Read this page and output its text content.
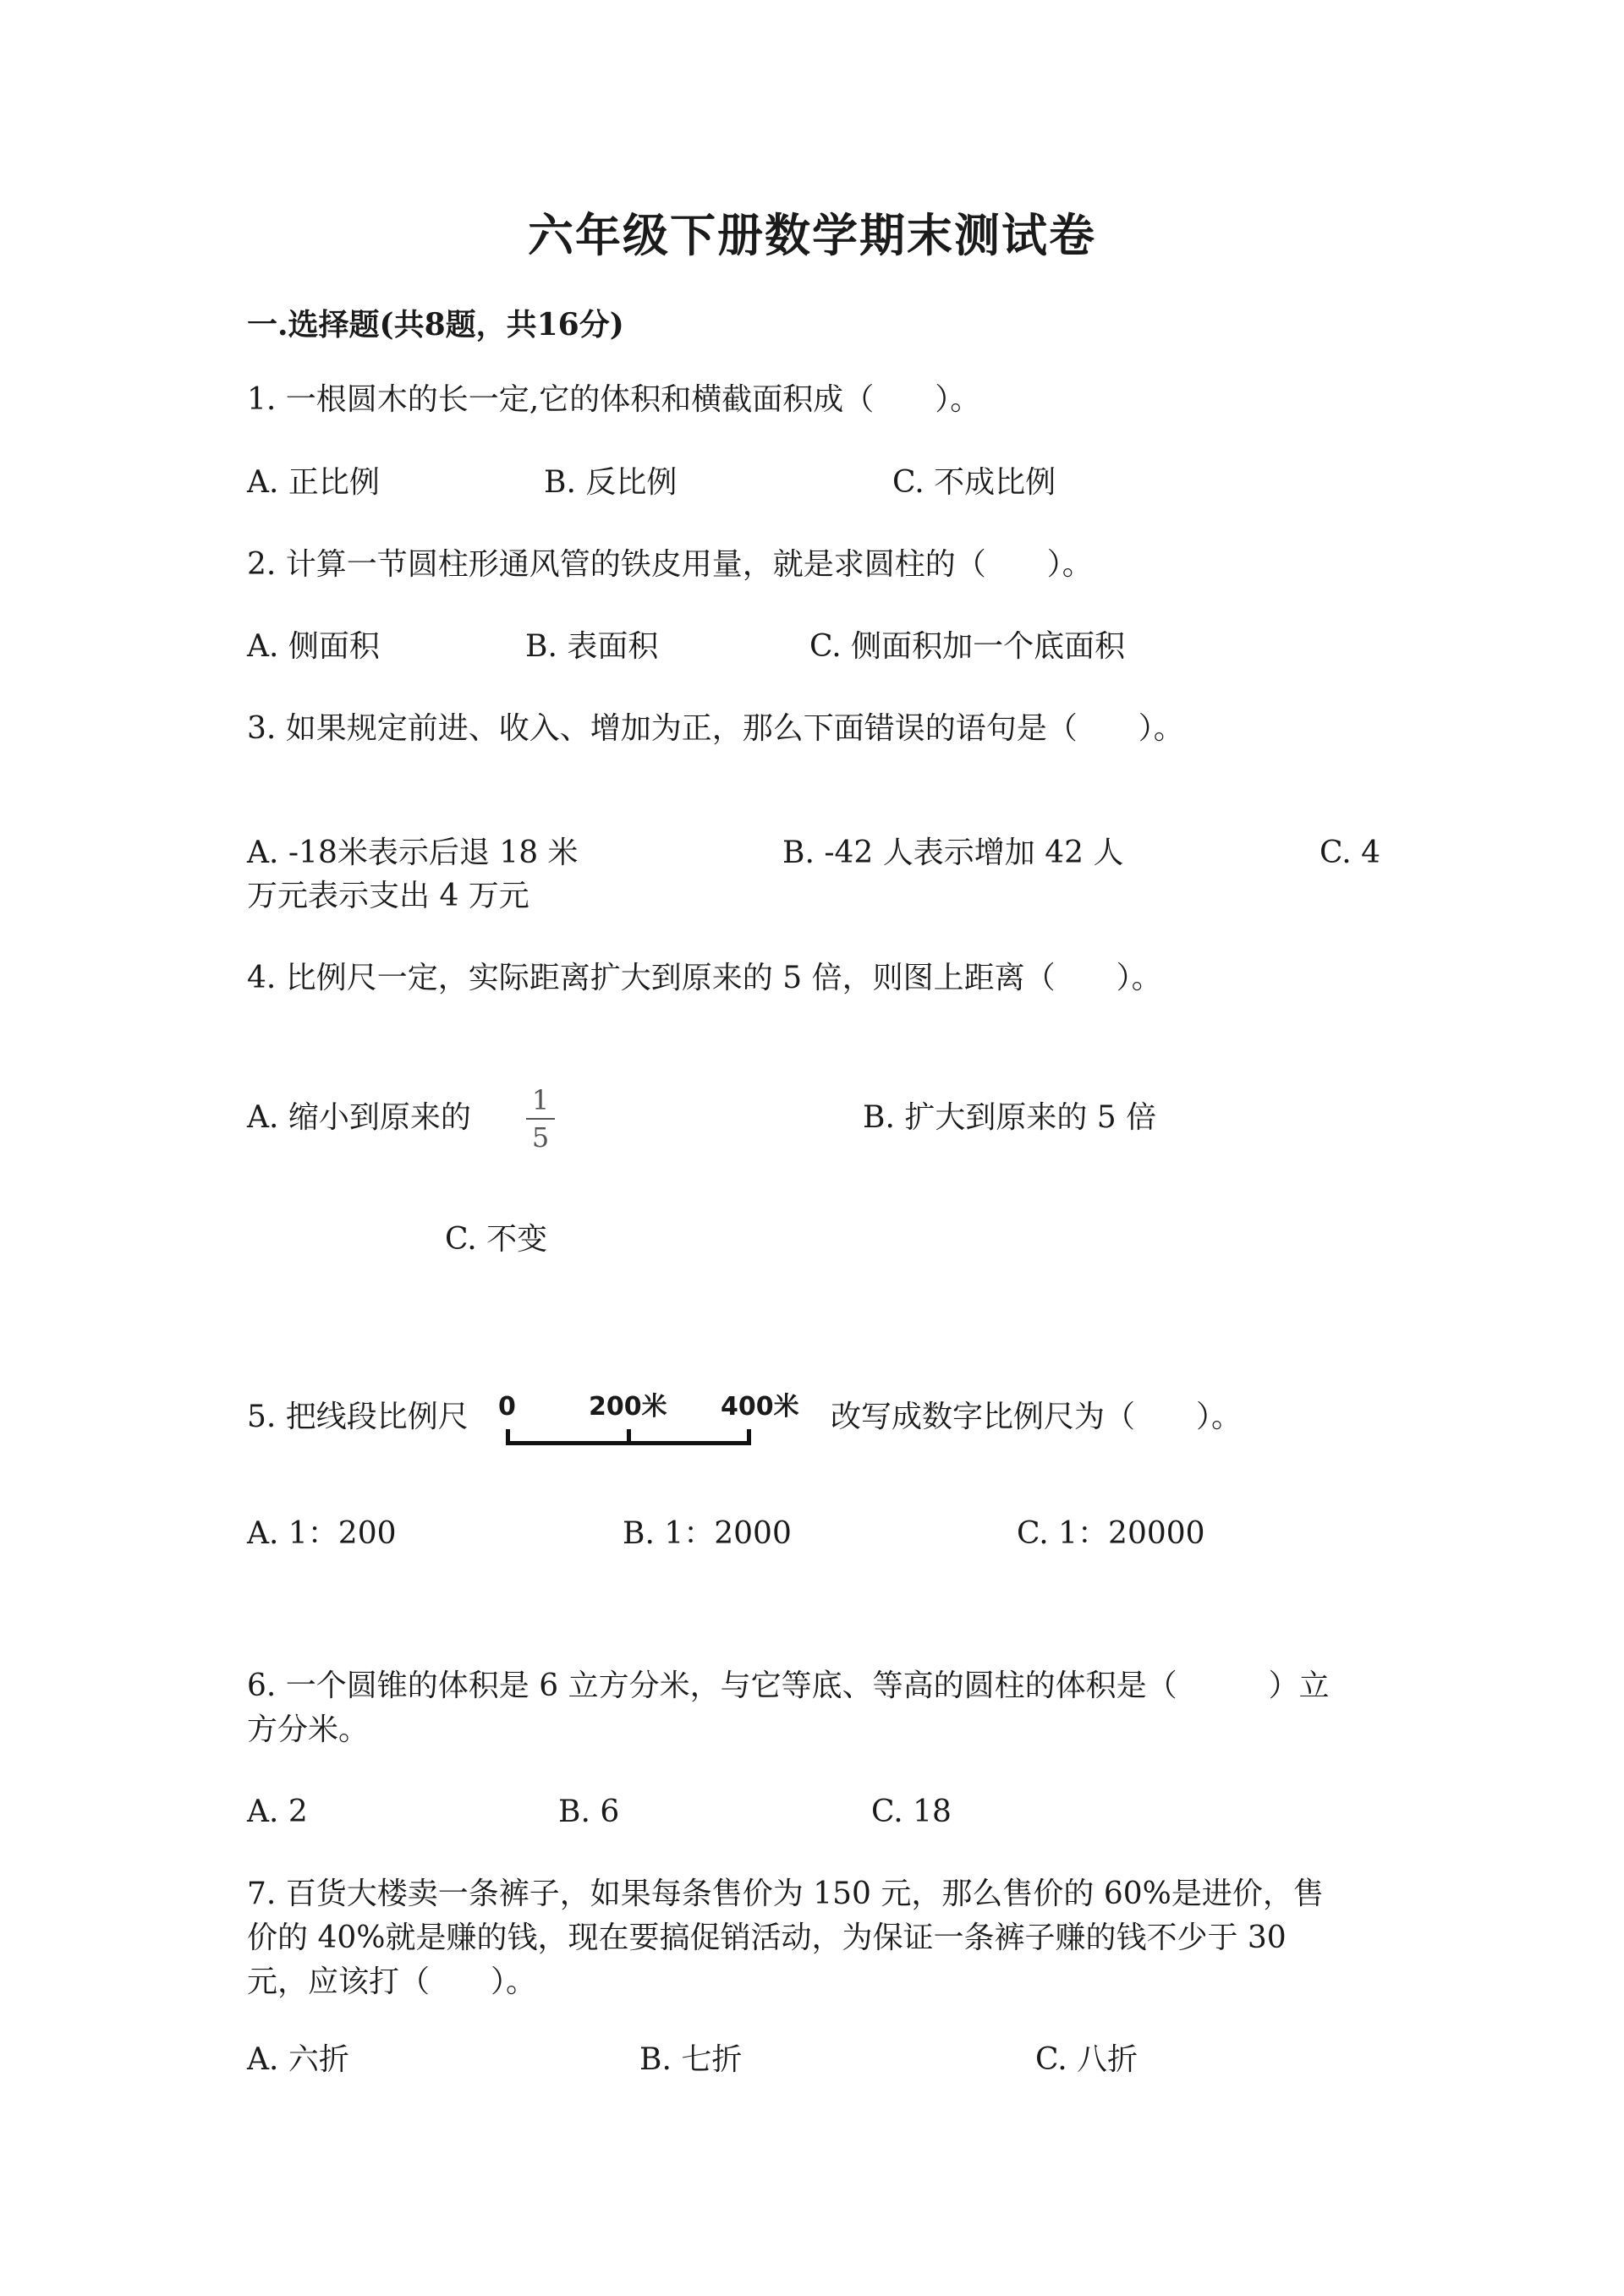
六年级下册数学期末测试卷
一.选择题(共8题，共16分)
1. 一根圆木的长一定,它的体积和横截面积成（　　）。
A. 正比例	B. 反比例	C. 不成比例
2. 计算一节圆柱形通风管的铁皮用量，就是求圆柱的（　　）。
A. 侧面积	B. 表面积	C. 侧面积加一个底面积
3. 如果规定前进、收入、增加为正，那么下面错误的语句是（　　）。
A. -18米表示后退 18 米	B. -42 人表示增加 42 人	C. 4
万元表示支出 4 万元
4. 比例尺一定，实际距离扩大到原来的 5 倍，则图上距离（　　）。
A. 缩小到原来的 1
5
B. 扩大到原来的 5 倍
C. 不变
5. 把线段比例尺 0	200米 400米 改写成数字比例尺为（　　）。
A. 1：200	B. 1：2000	C. 1：20000
6. 一个圆锥的体积是 6 立方分米，与它等底、等高的圆柱的体积是（　　　）立
方分米。
A. 2	B. 6	C. 18
7. 百货大楼卖一条裤子，如果每条售价为 150 元，那么售价的 60%是进价，售
价的 40%就是赚的钱，现在要搞促销活动，为保证一条裤子赚的钱不少于 30
元，应该打（　　）。
A. 六折	B. 七折	C. 八折
